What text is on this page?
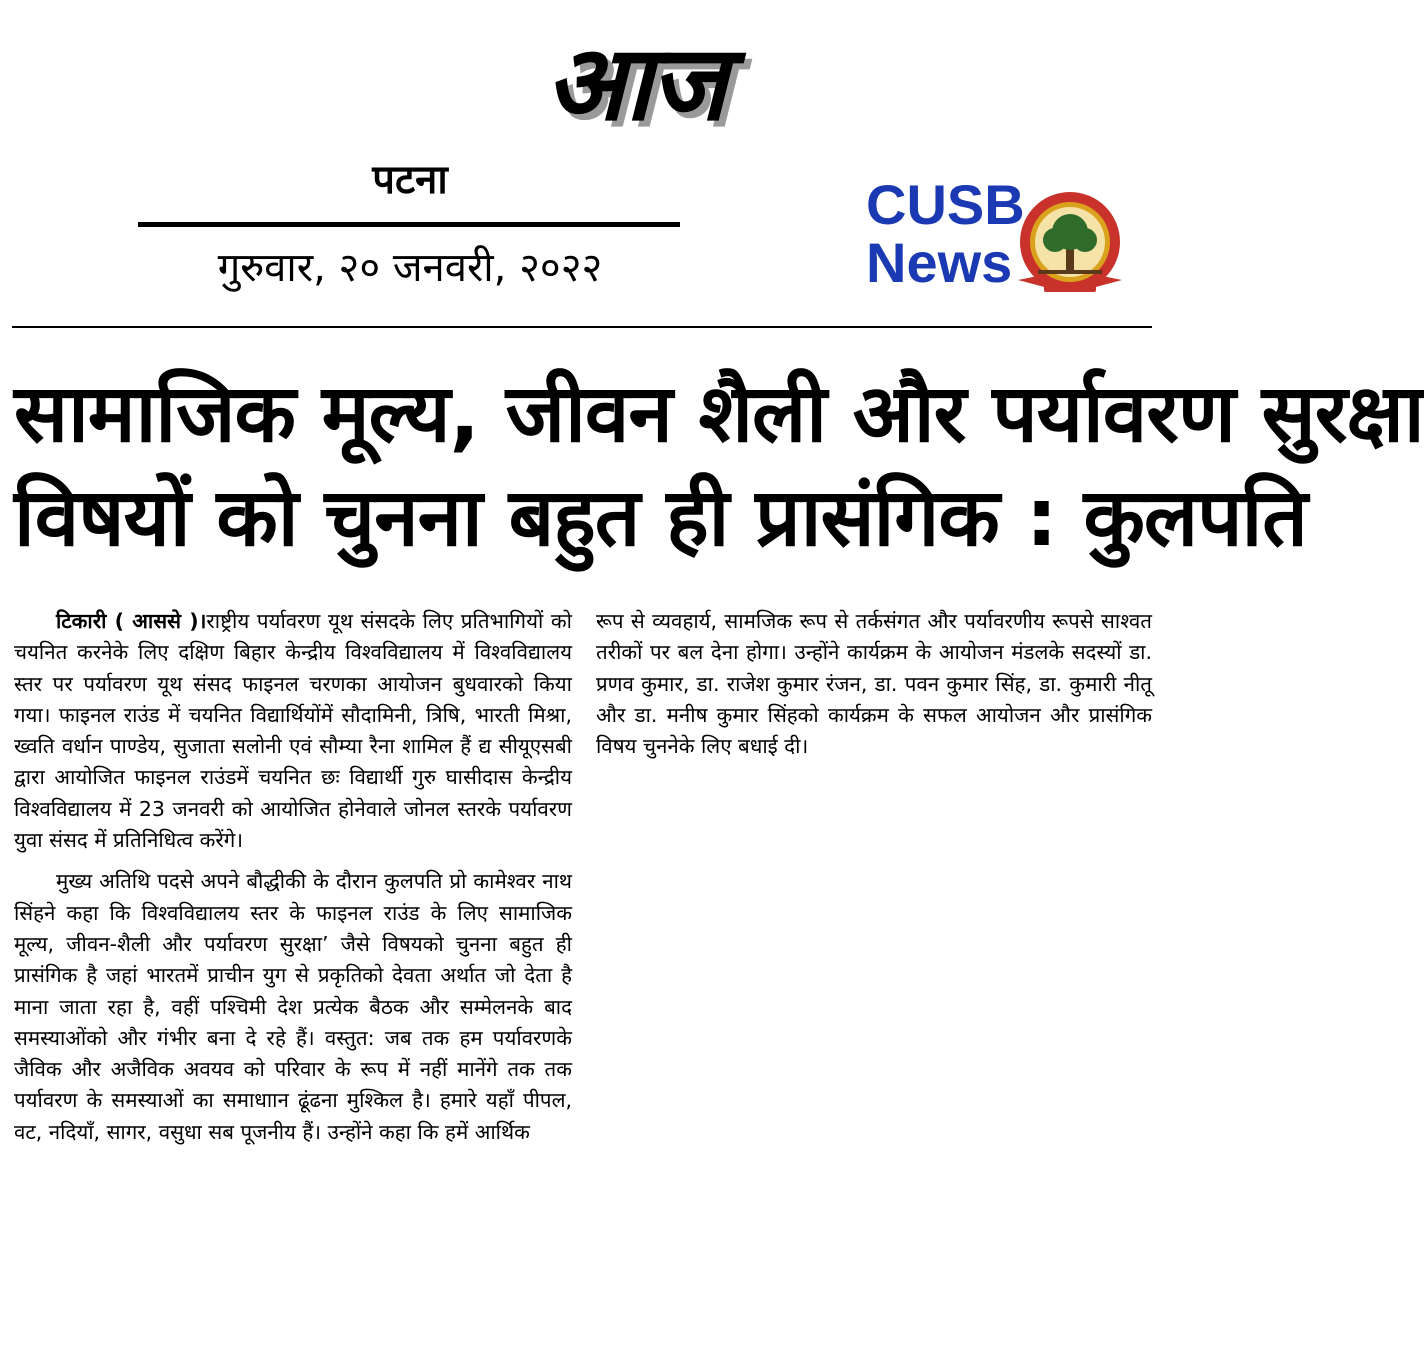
आज
पटना
गुरुवार, २० जनवरी, २०२२
CUSB
News
सामाजिक मूल्य, जीवन शैली और पर्यावरण सुरक्षा
विषयों को चुनना बहुत ही प्रासंगिक : कुलपति

टिकारी ( आससे )।राष्ट्रीय पर्यावरण यूथ संसदके लिए प्रतिभागियों को चयनित करनेके लिए दक्षिण बिहार केन्द्रीय विश्वविद्यालय में विश्वविद्यालय स्तर पर पर्यावरण यूथ संसद फाइनल चरणका आयोजन बुधवारको किया गया। फाइनल राउंड में चयनित विद्यार्थियोंमें सौदामिनी, त्रिषि, भारती मिश्रा, ख्वति वर्धान पाण्डेय, सुजाता सलोनी एवं सौम्या रैना शामिल हैं द्य सीयूएसबी द्वारा आयोजित फाइनल राउंडमें चयनित छः विद्यार्थी गुरु घासीदास केन्द्रीय विश्वविद्यालय में 23 जनवरी को आयोजित होनेवाले जोनल स्तरके पर्यावरण युवा संसद में प्रतिनिधित्व करेंगे।

मुख्य अतिथि पदसे अपने बौद्धीकी के दौरान कुलपति प्रो कामेश्वर नाथ सिंहने कहा कि विश्वविद्यालय स्तर के फाइनल राउंड के लिए सामाजिक मूल्य, जीवन-शैली और पर्यावरण सुरक्षा’ जैसे विषयको चुनना बहुत ही प्रासंगिक है जहां भारतमें प्राचीन युग से प्रकृतिको देवता अर्थात जो देता है माना जाता रहा है, वहीं पश्चिमी देश प्रत्येक बैठक और सम्मेलनके बाद समस्याओंको और गंभीर बना दे रहे हैं। वस्तुत: जब तक हम पर्यावरणके जैविक और अजैविक अवयव को परिवार के रूप में नहीं मानेंगे तक तक पर्यावरण के समस्याओं का समाधाान ढूंढना मुश्किल है। हमारे यहाँ पीपल, वट, नदियाँ, सागर, वसुधा सब पूजनीय हैं। उन्होंने कहा कि हमें आर्थिक

रूप से व्यवहार्य, सामजिक रूप से तर्कसंगत और पर्यावरणीय रूपसे साश्वत तरीकों पर बल देना होगा। उन्होंने कार्यक्रम के आयोजन मंडलके सदस्यों डा. प्रणव कुमार, डा. राजेश कुमार रंजन, डा. पवन कुमार सिंह, डा. कुमारी नीतू और डा. मनीष कुमार सिंहको कार्यक्रम के सफल आयोजन और प्रासंगिक विषय चुननेके लिए बधाई दी।
